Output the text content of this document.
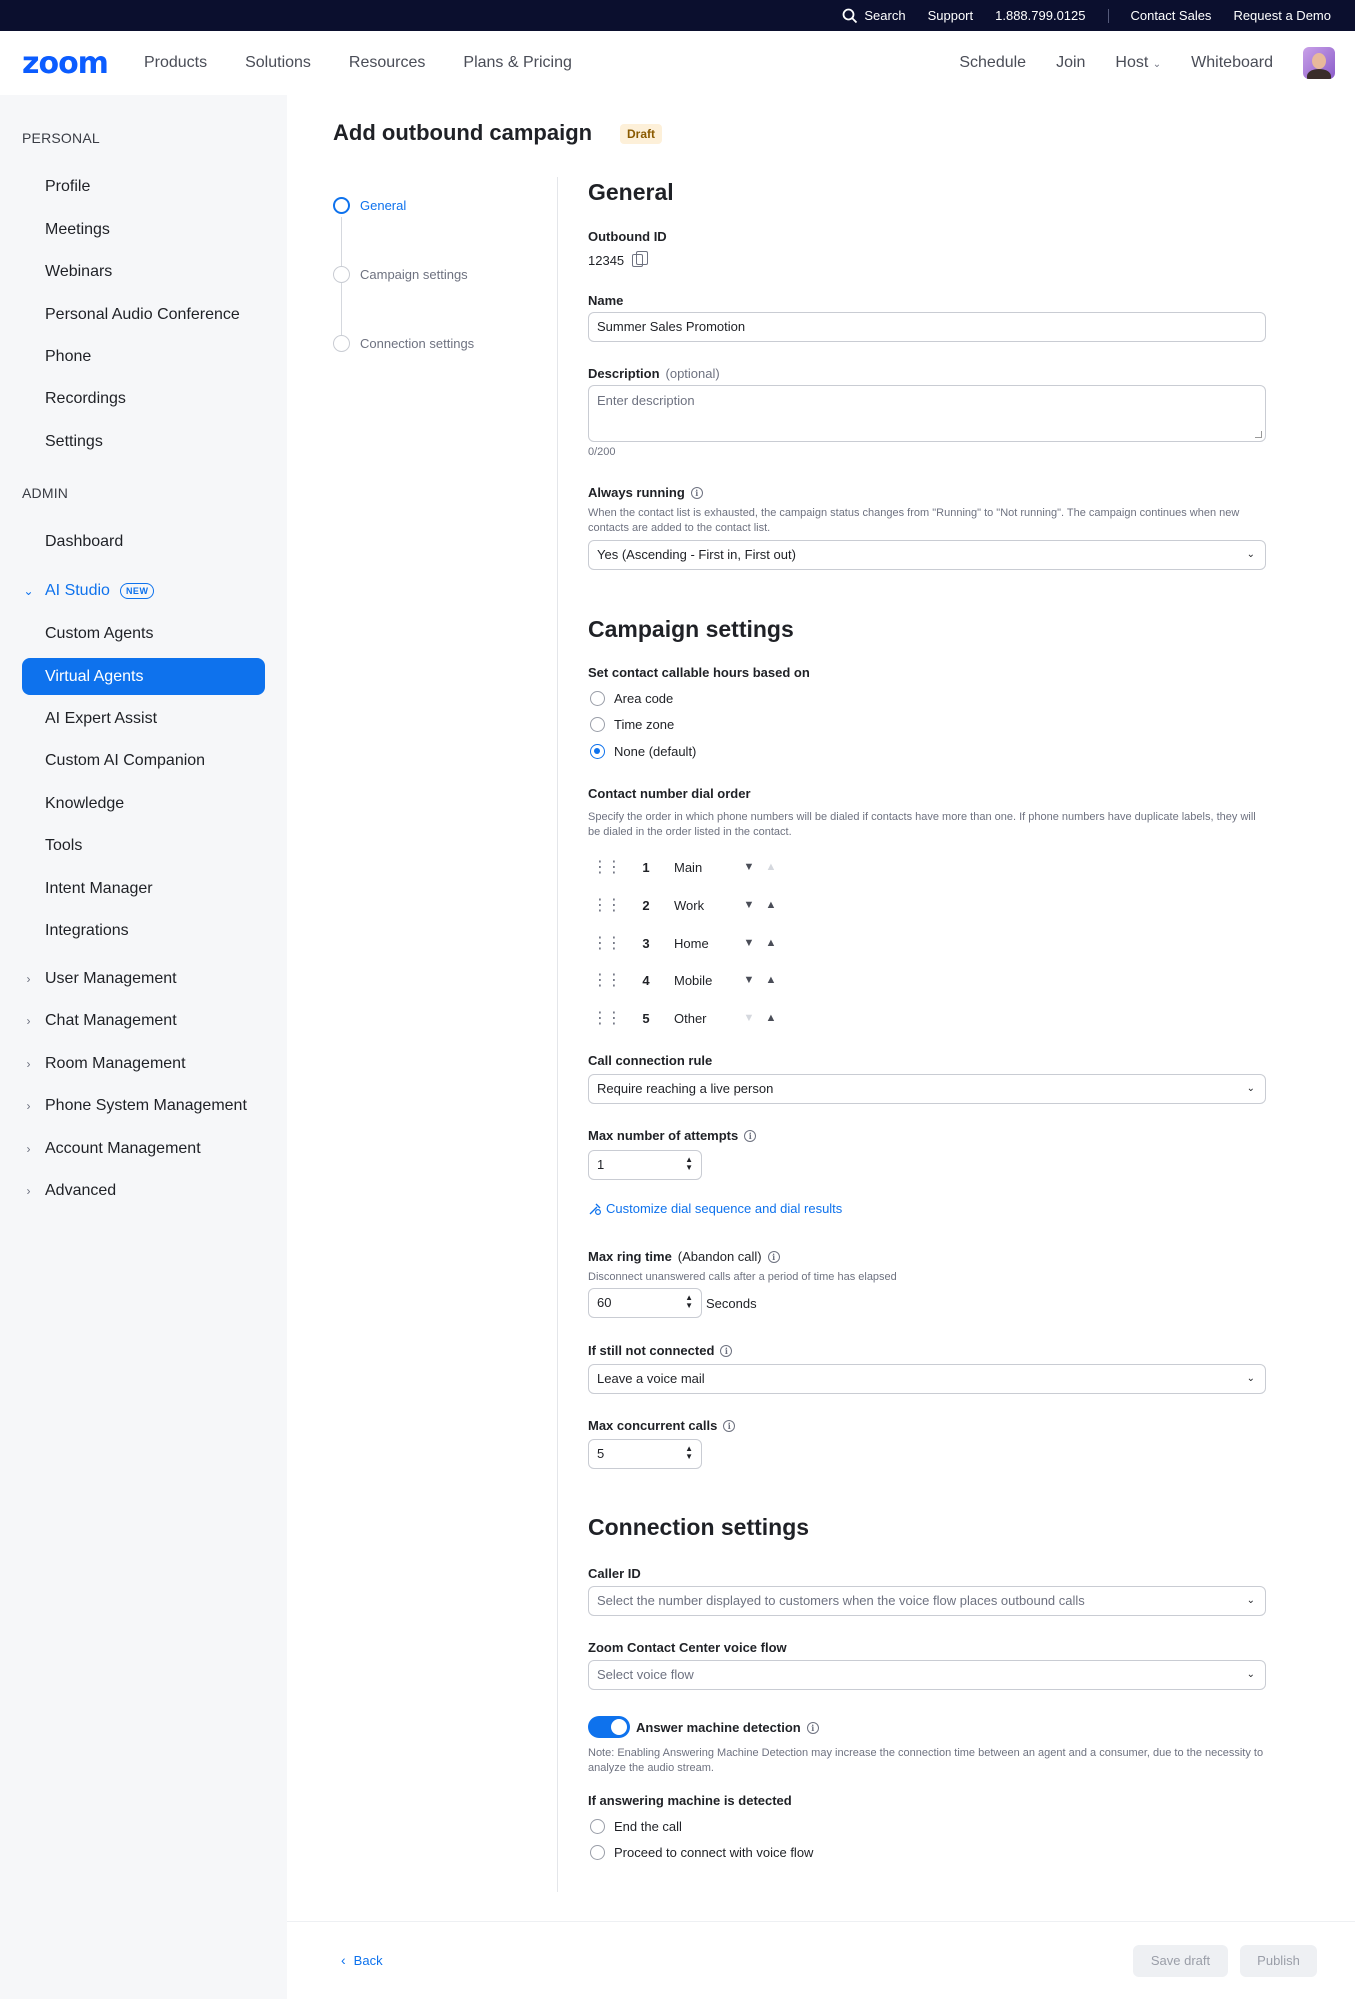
Search Support 1.888.799.0125	Contact Sales Request a Demo
zoom Products Solutions Resources Plans & Pricing	Schedule Join Host ⌄ Whiteboard
PERSONAL
Profile
Meetings
Webinars
Personal Audio Conference
Phone
Recordings
Settings
ADMIN
Dashboard
⌄ AI Studio	NEW
Custom Agents
Virtual Agents
AI Expert Assist
Custom AI Companion
Knowledge
Tools
Intent Manager
Integrations
› User Management
› Chat Management
› Room Management
› Phone System Management
› Account Management
› Advanced
Add outbound campaign	Draft
General
Campaign settings
Connection settings
General
Outbound ID
12345
Name
Summer Sales Promotion
Description (optional)
Enter description
0/200
Always running	i
When the contact list is exhausted, the campaign status changes from "Running" to "Not running". The campaign continues when new contacts are added to the contact list.
Yes (Ascending - First in, First out)	⌄
Campaign settings
Set contact callable hours based on
Area code
Time zone
None (default)
Contact number dial order
Specify the order in which phone numbers will be dialed if contacts have more than one. If phone numbers have duplicate labels, they will be dialed in the order listed in the contact.
⋮⋮	1	Main	▼	▲
⋮⋮	2	Work	▼	▲
⋮⋮	3	Home	▼	▲
⋮⋮	4	Mobile	▼	▲
⋮⋮	5	Other	▼	▲
Call connection rule
Require reaching a live person	⌄
Max number of attempts	i
1	▲
▼
Customize dial sequence and dial results
Max ring time (Abandon call)	i
Disconnect unanswered calls after a period of time has elapsed
60	▲
▼ Seconds
If still not connected	i
Leave a voice mail	⌄
Max concurrent calls	i
5	▲
▼
Connection settings
Caller ID
Select the number displayed to customers when the voice flow places outbound calls	⌄
Zoom Contact Center voice flow
Select voice flow	⌄
Answer machine detection	i
Note: Enabling Answering Machine Detection may increase the connection time between an agent and a consumer, due to the necessity to analyze the audio stream.
If answering machine is detected
End the call
Proceed to connect with voice flow
‹ Back	Save draft	Publish
